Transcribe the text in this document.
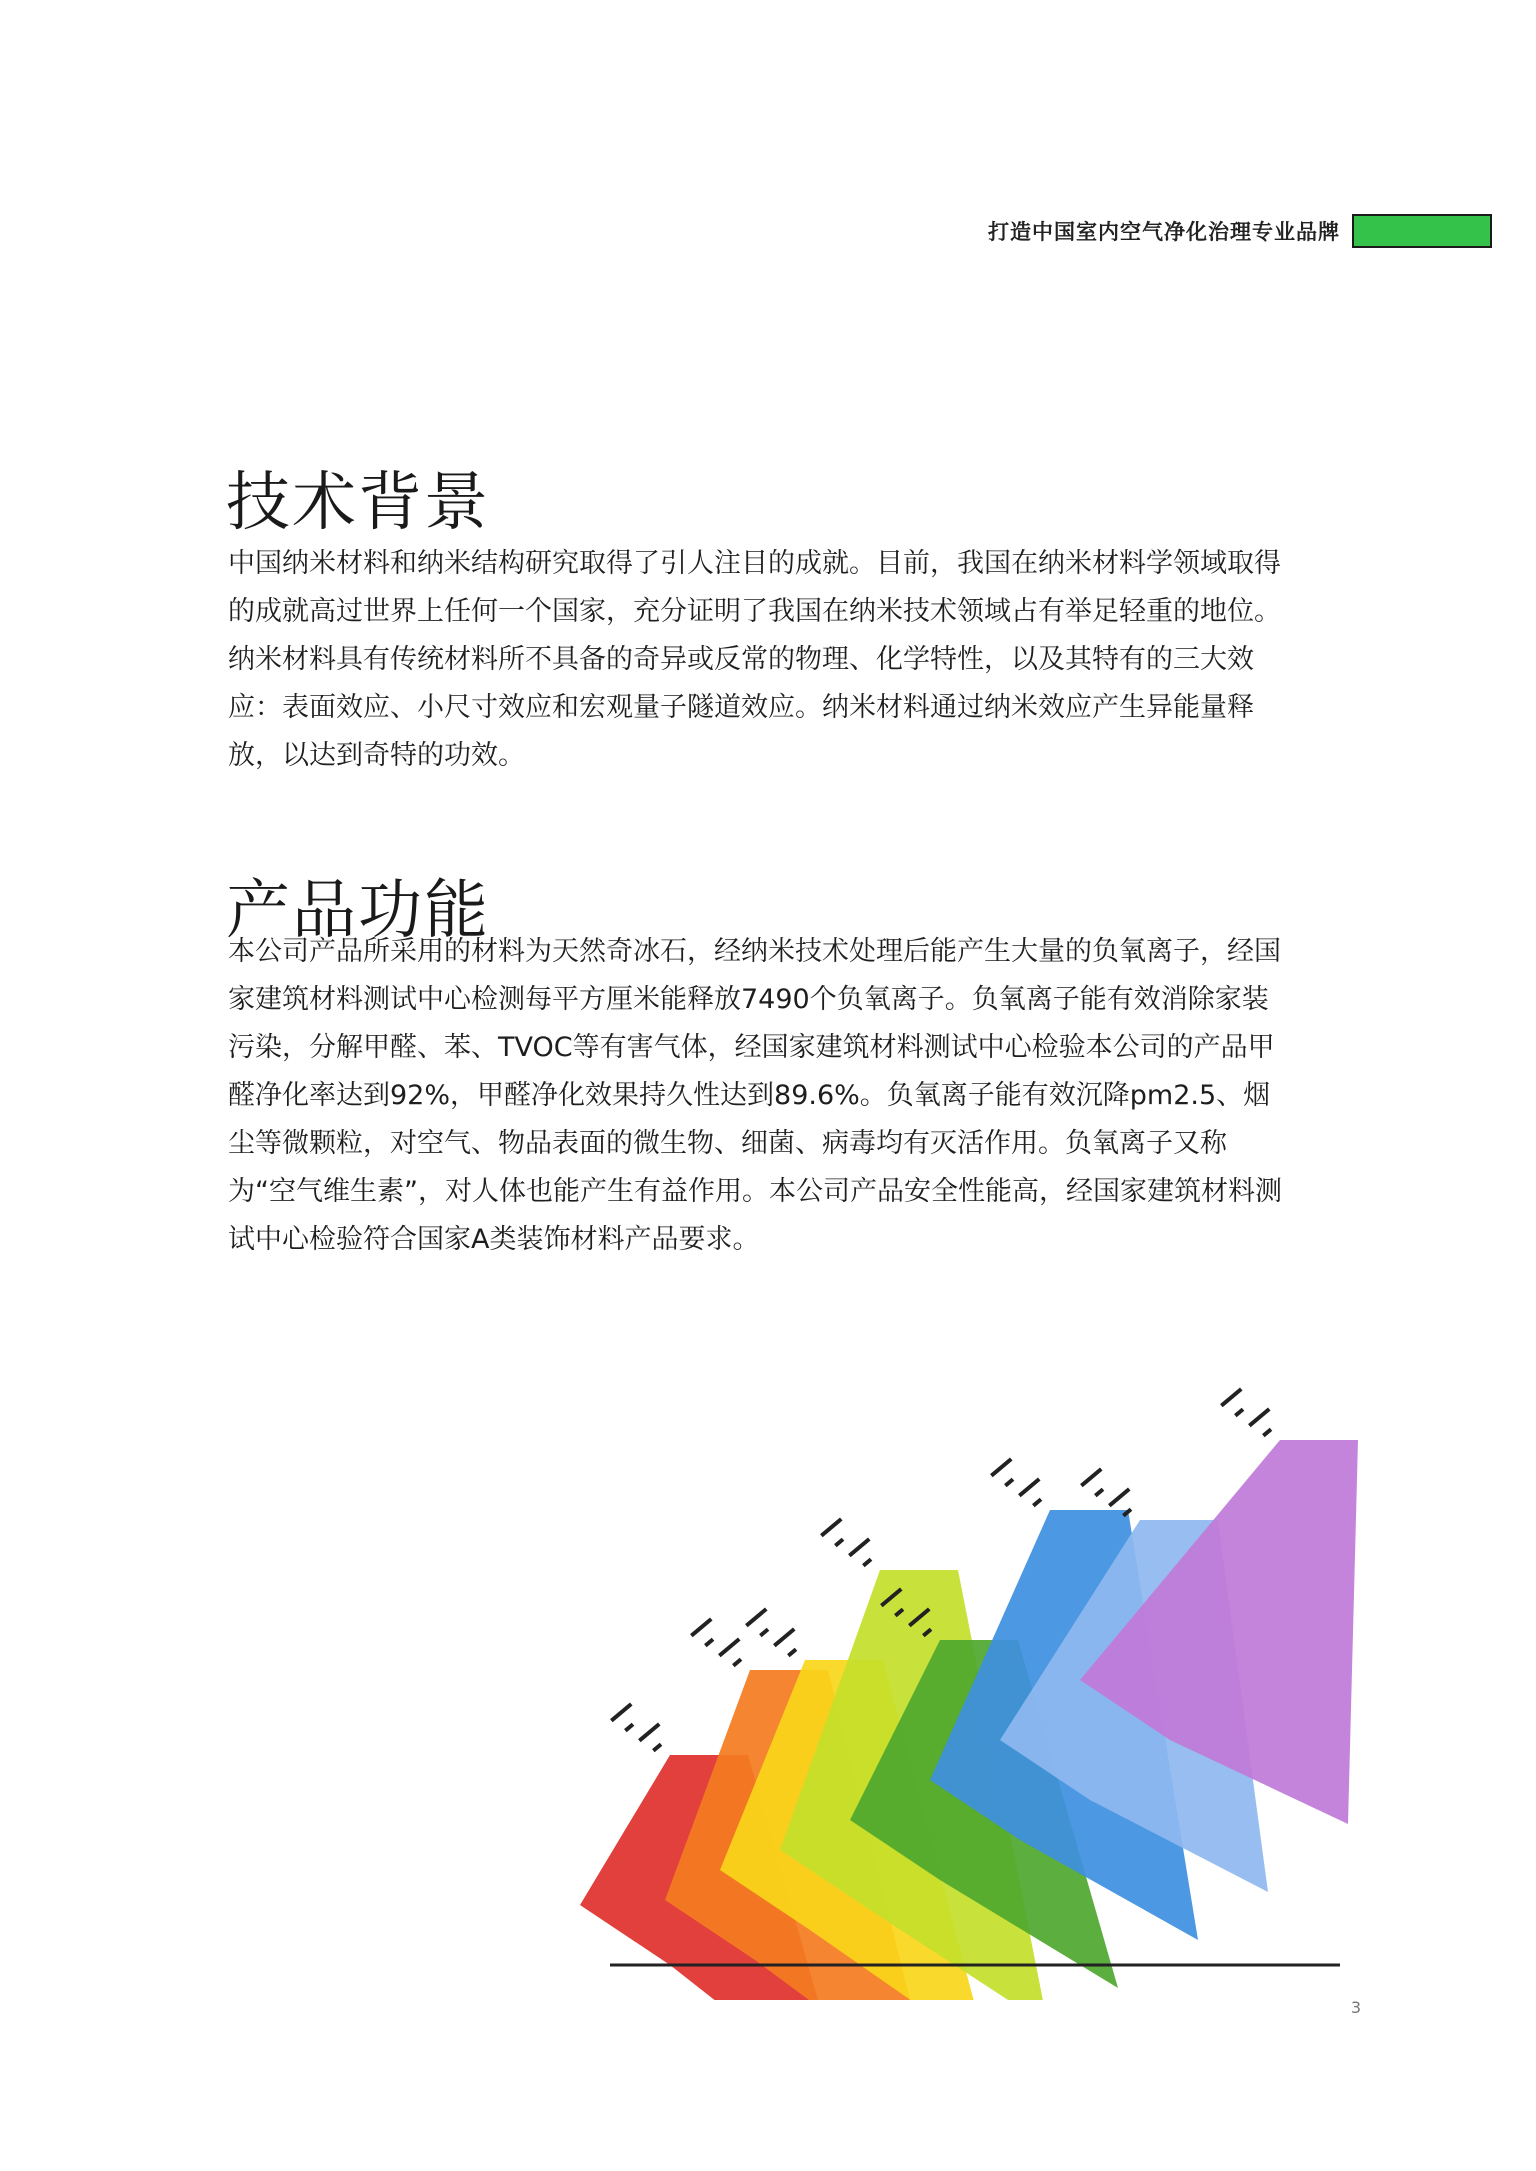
打造中国室内空气净化治理专业品牌
技术背景

中国纳米材料和纳米结构研究取得了引人注目的成就。目前，我国在纳米材料学领域取得的成就高过世界上任何一个国家，充分证明了我国在纳米技术领域占有举足轻重的地位。纳米材料具有传统材料所不具备的奇异或反常的物理、化学特性，以及其特有的三大效应：表面效应、小尺寸效应和宏观量子隧道效应。纳米材料通过纳米效应产生异能量释放，以达到奇特的功效。

产品功能

本公司产品所采用的材料为天然奇冰石，经纳米技术处理后能产生大量的负氧离子，经国家建筑材料测试中心检测每平方厘米能释放7490个负氧离子。负氧离子能有效消除家装污染，分解甲醛、苯、TVOC等有害气体，经国家建筑材料测试中心检验本公司的产品甲醛净化率达到92%，甲醛净化效果持久性达到89.6%。负氧离子能有效沉降pm2.5、烟尘等微颗粒，对空气、物品表面的微生物、细菌、病毒均有灭活作用。负氧离子又称为“空气维生素”，对人体也能产生有益作用。本公司产品安全性能高，经国家建筑材料测试中心检验符合国家A类装饰材料产品要求。

3
